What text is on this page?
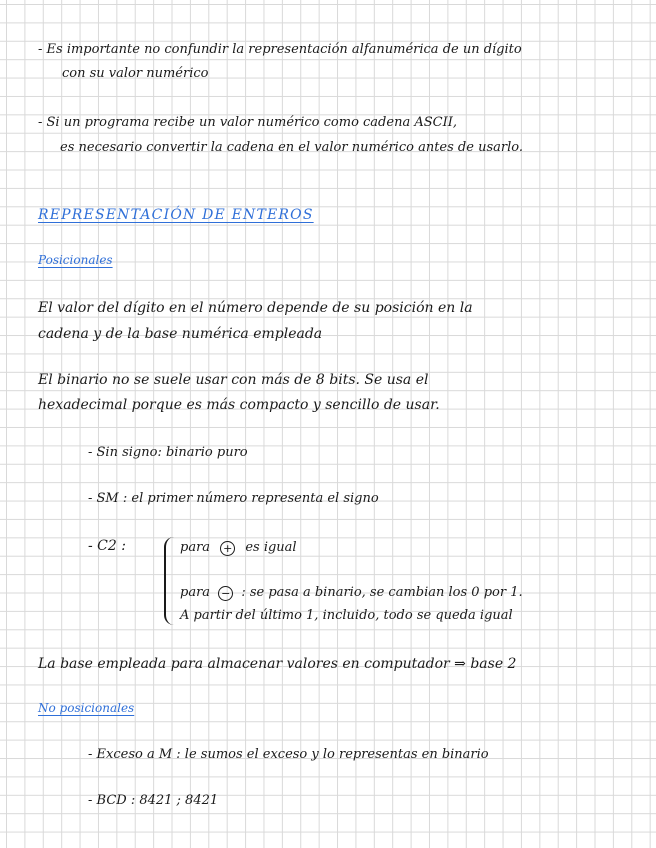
- Es importante no confundir la representación alfanumérica de un dígito
con su valor numérico
- Si un programa recibe un valor numérico como cadena ASCII,
es necesario convertir la cadena en el valor numérico antes de usarlo.
REPRESENTACIÓN DE ENTEROS
Posicionales
El valor del dígito en el número depende de su posición en la
cadena y de la base numérica empleada
El binario no se suele usar con más de 8 bits. Se usa el
hexadecimal porque es más compacto y sencillo de usar.
- Sin signo: binario puro
- SM : el primer número representa el signo
- C2 :	para + es igual
para − : se pasa a binario, se cambian los 0 por 1.
A partir del último 1, incluido, todo se queda igual
La base empleada para almacenar valores en computador ⇒ base 2
No posicionales
- Exceso a M : le sumos el exceso y lo representas en binario
- BCD : 8421 ; 8421
